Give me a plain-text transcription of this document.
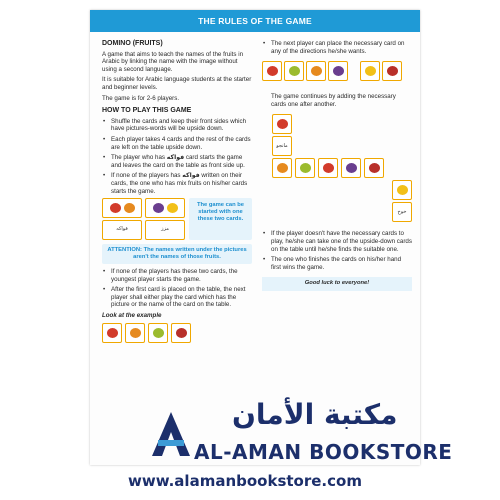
THE RULES OF THE GAME
DOMINO (FRUITS)
A game that aims to teach the names of the fruits in Arabic by linking the name with the image without using a second language.
It is suitable for Arabic language students at the starter and beginner levels.
The game is for 2-6 players.
HOW TO PLAY THIS GAME
• Shuffle the cards and keep their front sides which have pictures-words will be upside down.
• Each player takes 4 cards and the rest of the cards are left on the table upside down.
• The player who has فواكه card starts the game and leaves the card on the table as front side up.
• If none of the players has فواكه written on their cards, the one who has mix fruits on his/her cards starts the game.
فواكه	مزز
The game can be started with one these two cards.
ATTENTION: The names written under the pictures aren't the names of those fruits.
• If none of the players has these two cards, the youngest player starts the game.
• After the first card is placed on the table, the next player shall either play the card which has the picture or the name of the card on the table.
Look at the example
• The next player can place the necessary card on any of the directions he/she wants.
The game continues by adding the necessary cards one after another.
مانجو
خوخ
• If the player doesn't have the necessary cards to play, he/she can take one of the upside-down cards on the table until he/she finds the suitable one.
• The one who finishes the cards on his/her hand first wins the game.
Good luck to everyone!
مكتبة الأمان
AL-AMAN BOOKSTORE
www.alamanbookstore.com
